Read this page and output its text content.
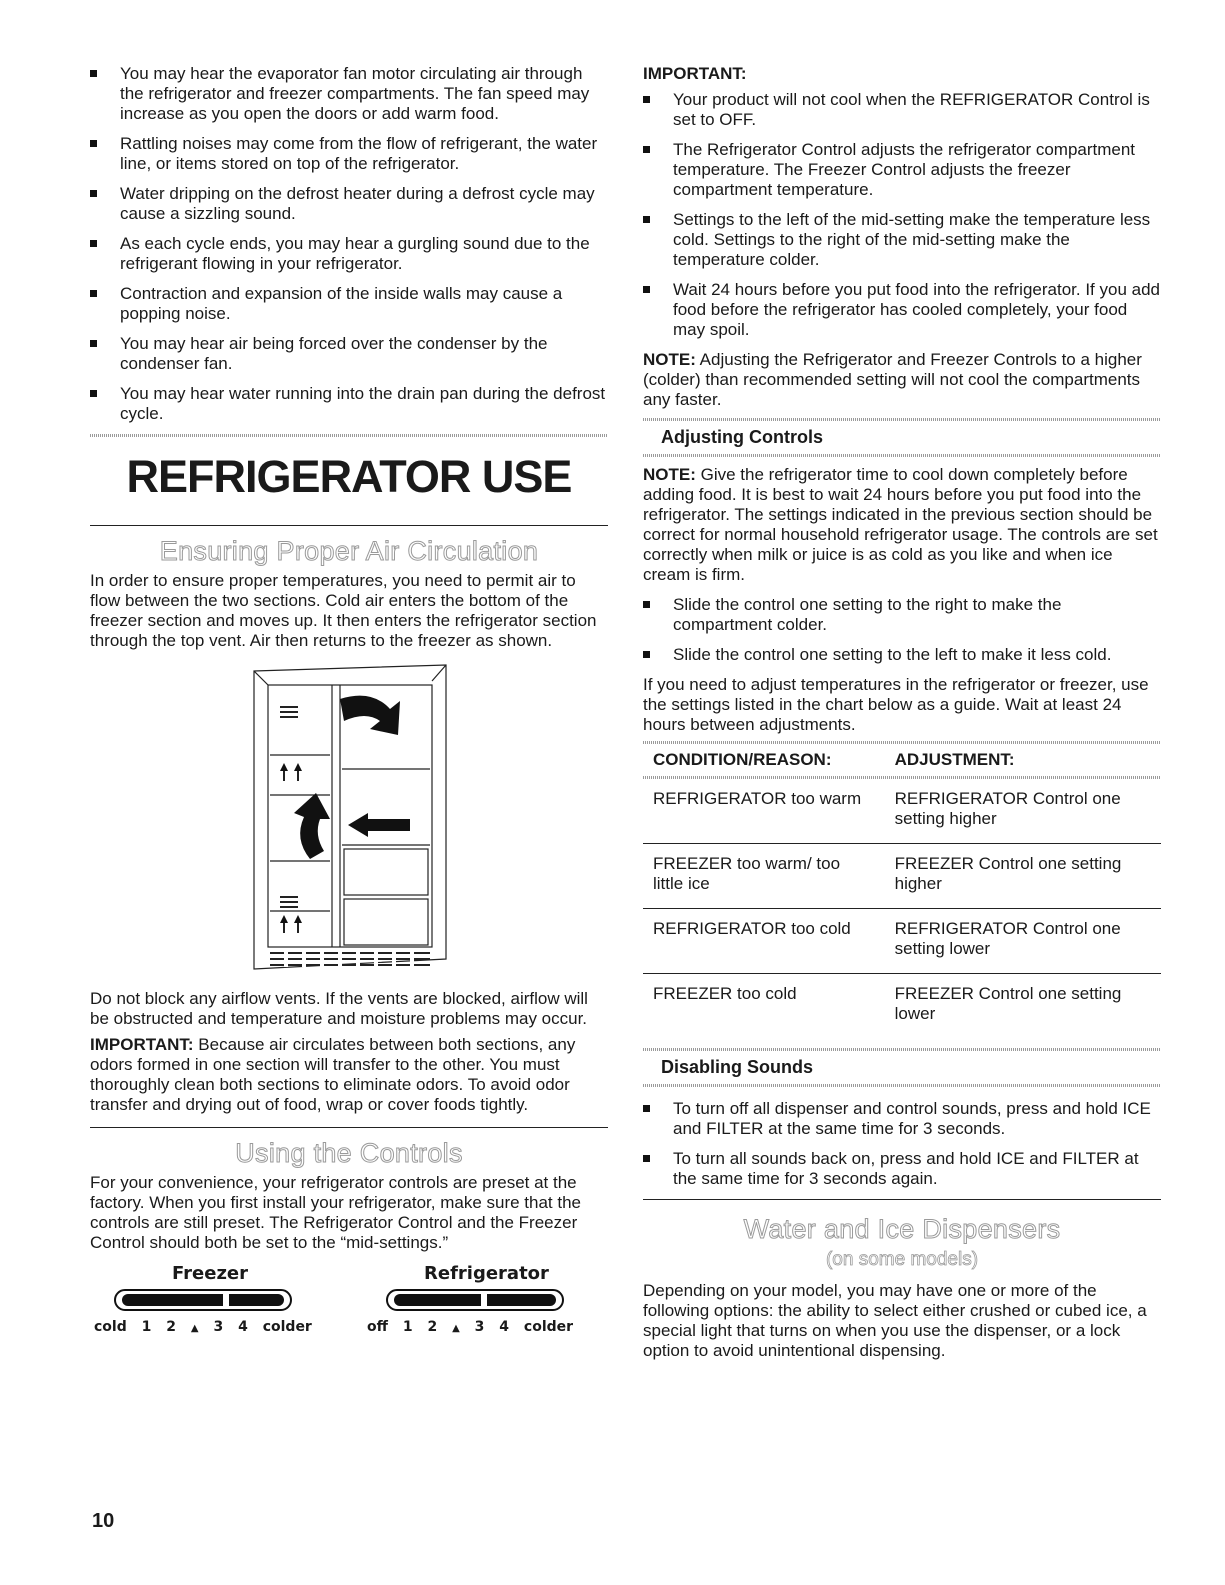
You may hear the evaporator fan motor circulating air through the refrigerator and freezer compartments. The fan speed may increase as you open the doors or add warm food.
Rattling noises may come from the flow of refrigerant, the water line, or items stored on top of the refrigerator.
Water dripping on the defrost heater during a defrost cycle may cause a sizzling sound.
As each cycle ends, you may hear a gurgling sound due to the refrigerant flowing in your refrigerator.
Contraction and expansion of the inside walls may cause a popping noise.
You may hear air being forced over the condenser by the condenser fan.
You may hear water running into the drain pan during the defrost cycle.
REFRIGERATOR USE
Ensuring Proper Air Circulation

In order to ensure proper temperatures, you need to permit air to flow between the two sections. Cold air enters the bottom of the freezer section and moves up. It then enters the refrigerator section through the top vent. Air then returns to the freezer as shown.

Do not block any airflow vents. If the vents are blocked, airflow will be obstructed and temperature and moisture problems may occur.

IMPORTANT: Because air circulates between both sections, any odors formed in one section will transfer to the other. You must thoroughly clean both sections to eliminate odors. To avoid odor transfer and drying out of food, wrap or cover foods tightly.

Using the Controls

For your convenience, your refrigerator controls are preset at the factory. When you first install your refrigerator, make sure that the controls are still preset. The Refrigerator Control and the Freezer Control should both be set to the “mid-settings.”

Freezer
cold 1 2 ▲ 3 4 colder
Refrigerator
off 1 2 ▲ 3 4 colder

IMPORTANT:

Your product will not cool when the REFRIGERATOR Control is set to OFF.
The Refrigerator Control adjusts the refrigerator compartment temperature. The Freezer Control adjusts the freezer compartment temperature.
Settings to the left of the mid-setting make the temperature less cold. Settings to the right of the mid-setting make the temperature colder.
Wait 24 hours before you put food into the refrigerator. If you add food before the refrigerator has cooled completely, your food may spoil.

NOTE: Adjusting the Refrigerator and Freezer Controls to a higher (colder) than recommended setting will not cool the compartments any faster.

Adjusting Controls

NOTE: Give the refrigerator time to cool down completely before adding food. It is best to wait 24 hours before you put food into the refrigerator. The settings indicated in the previous section should be correct for normal household refrigerator usage. The controls are set correctly when milk or juice is as cold as you like and when ice cream is firm.

Slide the control one setting to the right to make the compartment colder.
Slide the control one setting to the left to make it less cold.

If you need to adjust temperatures in the refrigerator or freezer, use the settings listed in the chart below as a guide. Wait at least 24 hours between adjustments.

CONDITION/REASON:	ADJUSTMENT:

REFRIGERATOR too warm	REFRIGERATOR Control one setting higher
FREEZER too warm/ too little ice	FREEZER Control one setting higher
REFRIGERATOR too cold	REFRIGERATOR Control one setting lower
FREEZER too cold	FREEZER Control one setting lower
Disabling Sounds
To turn off all dispenser and control sounds, press and hold ICE and FILTER at the same time for 3 seconds.
To turn all sounds back on, press and hold ICE and FILTER at the same time for 3 seconds again.
Water and Ice Dispensers
(on some models)

Depending on your model, you may have one or more of the following options: the ability to select either crushed or cubed ice, a special light that turns on when you use the dispenser, or a lock option to avoid unintentional dispensing.

10
